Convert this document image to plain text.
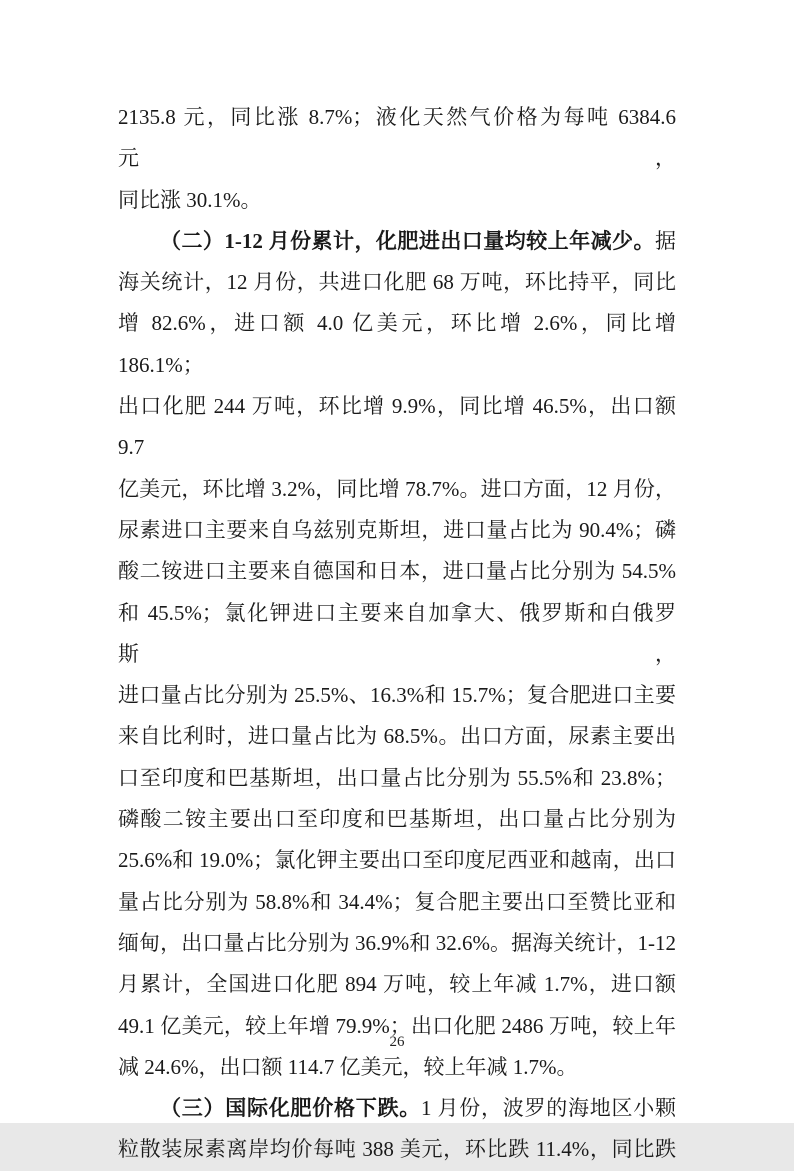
2135.8 元，同比涨 8.7%；液化天然气价格为每吨 6384.6 元，
同比涨 30.1%。
（二）1-12 月份累计，化肥进出口量均较上年减少。据
海关统计，12 月份，共进口化肥 68 万吨，环比持平，同比
增 82.6%，进口额 4.0 亿美元，环比增 2.6%，同比增 186.1%；
出口化肥 244 万吨，环比增 9.9%，同比增 46.5%，出口额 9.7
亿美元，环比增 3.2%，同比增 78.7%。进口方面，12 月份，
尿素进口主要来自乌兹别克斯坦，进口量占比为 90.4%；磷
酸二铵进口主要来自德国和日本，进口量占比分别为 54.5%
和 45.5%；氯化钾进口主要来自加拿大、俄罗斯和白俄罗斯，
进口量占比分别为 25.5%、16.3%和 15.7%；复合肥进口主要
来自比利时，进口量占比为 68.5%。出口方面，尿素主要出
口至印度和巴基斯坦，出口量占比分别为 55.5%和 23.8%；
磷酸二铵主要出口至印度和巴基斯坦，出口量占比分别为
25.6%和 19.0%；氯化钾主要出口至印度尼西亚和越南，出口
量占比分别为 58.8%和 34.4%；复合肥主要出口至赞比亚和
缅甸，出口量占比分别为 36.9%和 32.6%。据海关统计，1-12
月累计，全国进口化肥 894 万吨，较上年减 1.7%，进口额
49.1 亿美元，较上年增 79.9%；出口化肥 2486 万吨，较上年
减 24.6%，出口额 114.7 亿美元，较上年减 1.7%。
（三）国际化肥价格下跌。1 月份，波罗的海地区小颗
粒散装尿素离岸均价每吨 388 美元，环比跌 11.4%，同比跌
26
